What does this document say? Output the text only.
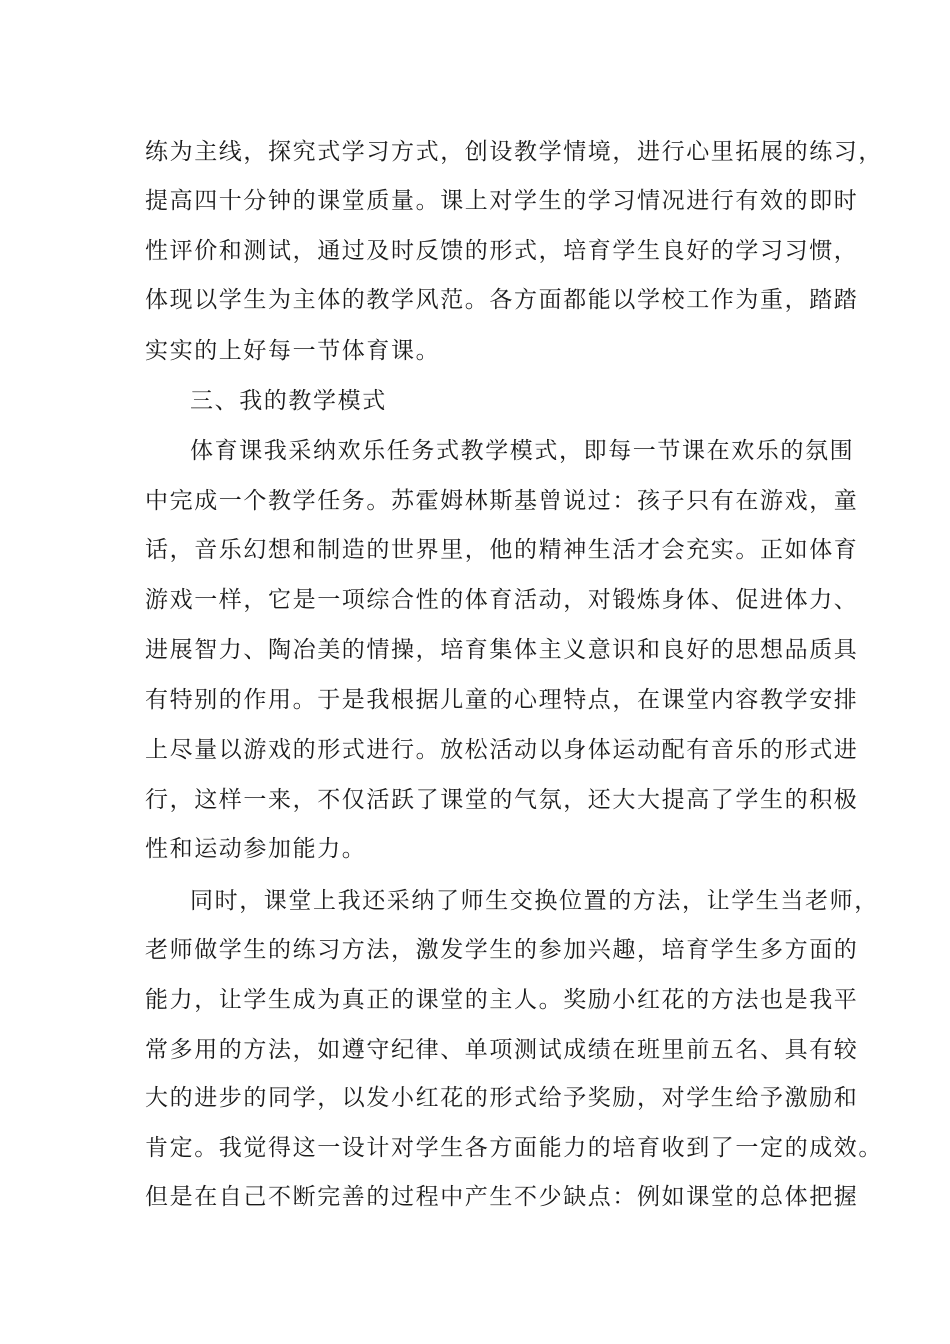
练为主线，探究式学习方式，创设教学情境，进行心里拓展的练习，
提高四十分钟的课堂质量。课上对学生的学习情况进行有效的即时
性评价和测试，通过及时反馈的形式，培育学生良好的学习习惯，
体现以学生为主体的教学风范。各方面都能以学校工作为重，踏踏
实实的上好每一节体育课。
三、我的教学模式
体育课我采纳欢乐任务式教学模式，即每一节课在欢乐的氛围
中完成一个教学任务。苏霍姆林斯基曾说过：孩子只有在游戏，童
话，音乐幻想和制造的世界里，他的精神生活才会充实。正如体育
游戏一样，它是一项综合性的体育活动，对锻炼身体、促进体力、
进展智力、陶冶美的情操，培育集体主义意识和良好的思想品质具
有特别的作用。于是我根据儿童的心理特点，在课堂内容教学安排
上尽量以游戏的形式进行。放松活动以身体运动配有音乐的形式进
行，这样一来，不仅活跃了课堂的气氛，还大大提高了学生的积极
性和运动参加能力。
同时，课堂上我还采纳了师生交换位置的方法，让学生当老师，
老师做学生的练习方法，激发学生的参加兴趣，培育学生多方面的
能力，让学生成为真正的课堂的主人。奖励小红花的方法也是我平
常多用的方法，如遵守纪律、单项测试成绩在班里前五名、具有较
大的进步的同学，以发小红花的形式给予奖励，对学生给予激励和
肯定。我觉得这一设计对学生各方面能力的培育收到了一定的成效。
但是在自己不断完善的过程中产生不少缺点：例如课堂的总体把握
